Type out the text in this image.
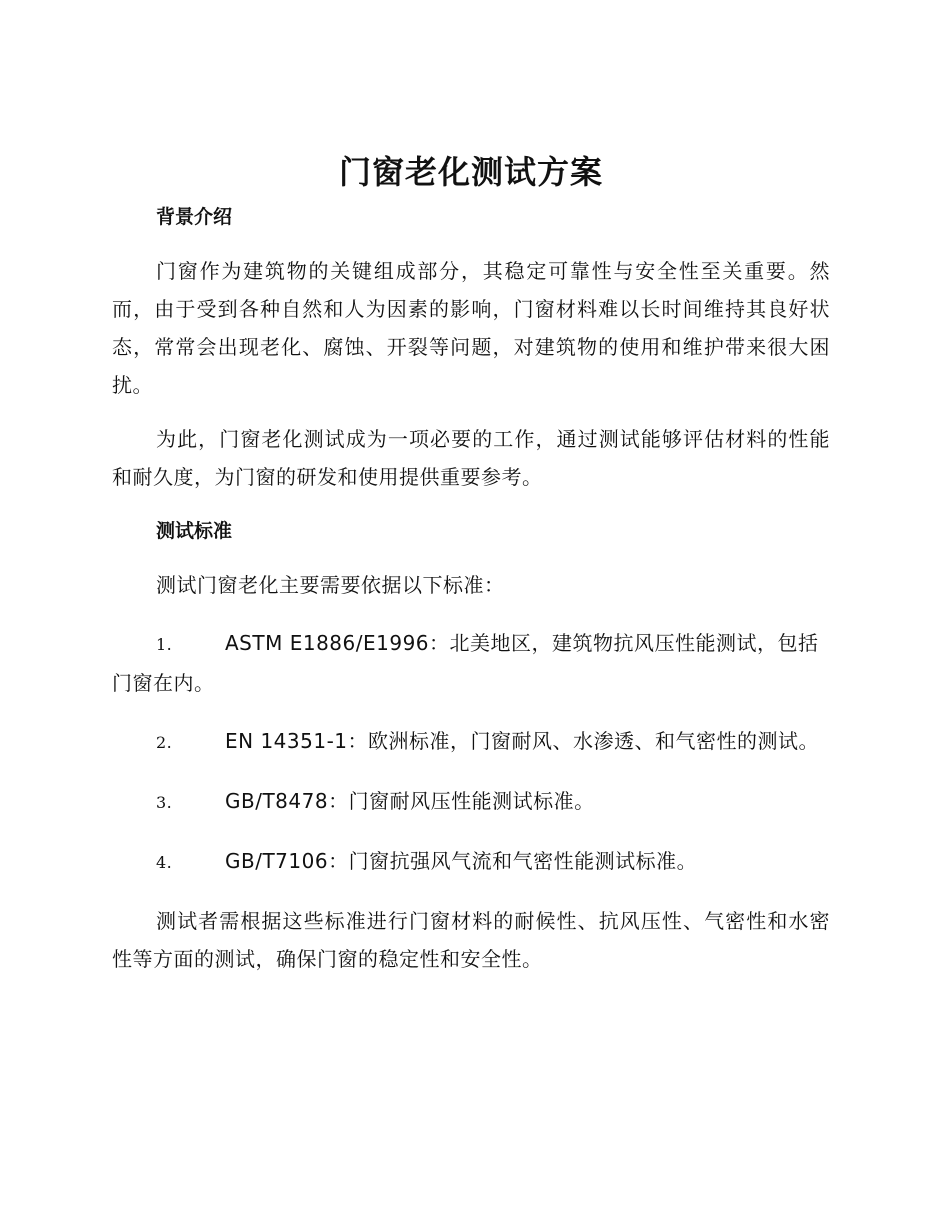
门窗老化测试方案
背景介绍

门窗作为建筑物的关键组成部分，其稳定可靠性与安全性至关重要。然而，由于受到各种自然和人为因素的影响，门窗材料难以长时间维持其良好状态，常常会出现老化、腐蚀、开裂等问题，对建筑物的使用和维护带来很大困扰。

为此，门窗老化测试成为一项必要的工作，通过测试能够评估材料的性能和耐久度，为门窗的研发和使用提供重要参考。

测试标准

测试门窗老化主要需要依据以下标准：

1.	ASTM E1886/E1996：北美地区，建筑物抗风压性能测试，包括门窗在内。
2.	EN 14351-1：欧洲标准，门窗耐风、水渗透、和气密性的测试。
3.	GB/T8478：门窗耐风压性能测试标准。
4.	GB/T7106：门窗抗强风气流和气密性能测试标准。

测试者需根据这些标准进行门窗材料的耐候性、抗风压性、气密性和水密性等方面的测试，确保门窗的稳定性和安全性。
